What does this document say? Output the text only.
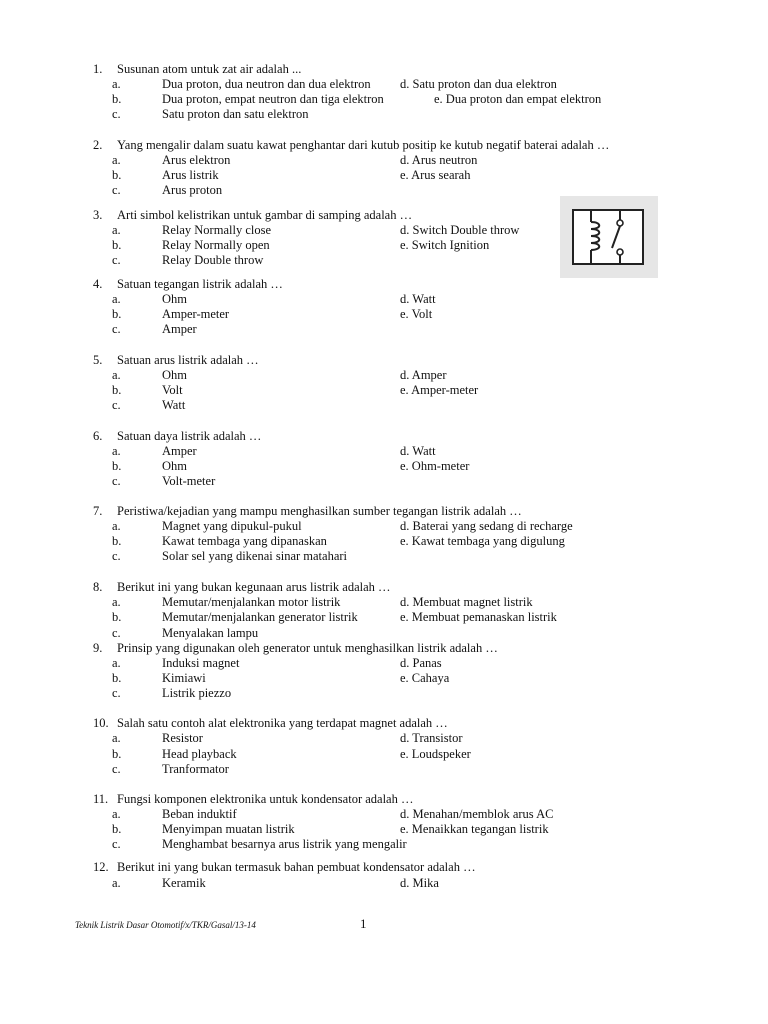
1. Susunan atom untuk zat air adalah ...
a.	Dua proton, dua neutron dan dua elektron d. Satu proton dan dua elektron
b.	Dua proton, empat neutron dan tiga elektron	e. Dua proton dan empat elektron
c.	Satu proton dan satu elektron
2. Yang mengalir dalam suatu kawat penghantar dari kutub positip ke kutub negatif baterai adalah …
a.	Arus elektron	d. Arus neutron
b.	Arus listrik	e. Arus searah
c.	Arus proton
3. Arti simbol kelistrikan untuk gambar di samping adalah …
a.	Relay Normally close	d. Switch Double throw
b.	Relay Normally open	e. Switch Ignition
c.	Relay Double throw
4. Satuan tegangan listrik adalah …
a.	Ohm	d. Watt
b.	Amper-meter	e. Volt
c.	Amper
5. Satuan arus listrik adalah …
a.	Ohm	d. Amper
b.	Volt	e. Amper-meter
c.	Watt
6. Satuan daya listrik adalah …
a.	Amper	d. Watt
b.	Ohm	e. Ohm-meter
c.	Volt-meter
7. Peristiwa/kejadian yang mampu menghasilkan sumber tegangan listrik adalah …
a.	Magnet yang dipukul-pukul	d. Baterai yang sedang di recharge
b.	Kawat tembaga yang dipanaskan	e. Kawat tembaga yang digulung
c.	Solar sel yang dikenai sinar matahari
8. Berikut ini yang bukan kegunaan arus listrik adalah …
a.	Memutar/menjalankan motor listrik	d. Membuat magnet listrik
b.	Memutar/menjalankan generator listrik	e. Membuat pemanaskan listrik
c.	Menyalakan lampu
9. Prinsip yang digunakan oleh generator untuk menghasilkan listrik adalah …
a.	Induksi magnet	d. Panas
b.	Kimiawi	e. Cahaya
c.	Listrik piezzo
10. Salah satu contoh alat elektronika yang terdapat magnet adalah …
a.	Resistor	d. Transistor
b.	Head playback	e. Loudspeker
c.	Tranformator
11. Fungsi komponen elektronika untuk kondensator adalah …
a.	Beban induktif	d. Menahan/memblok arus AC
b.	Menyimpan muatan listrik	e. Menaikkan tegangan listrik
c.	Menghambat besarnya arus listrik yang mengalir
12. Berikut ini yang bukan termasuk bahan pembuat kondensator adalah …
a.	Keramik	d. Mika
Teknik Listrik Dasar Otomotif/x/TKR/Gasal/13-14	1
